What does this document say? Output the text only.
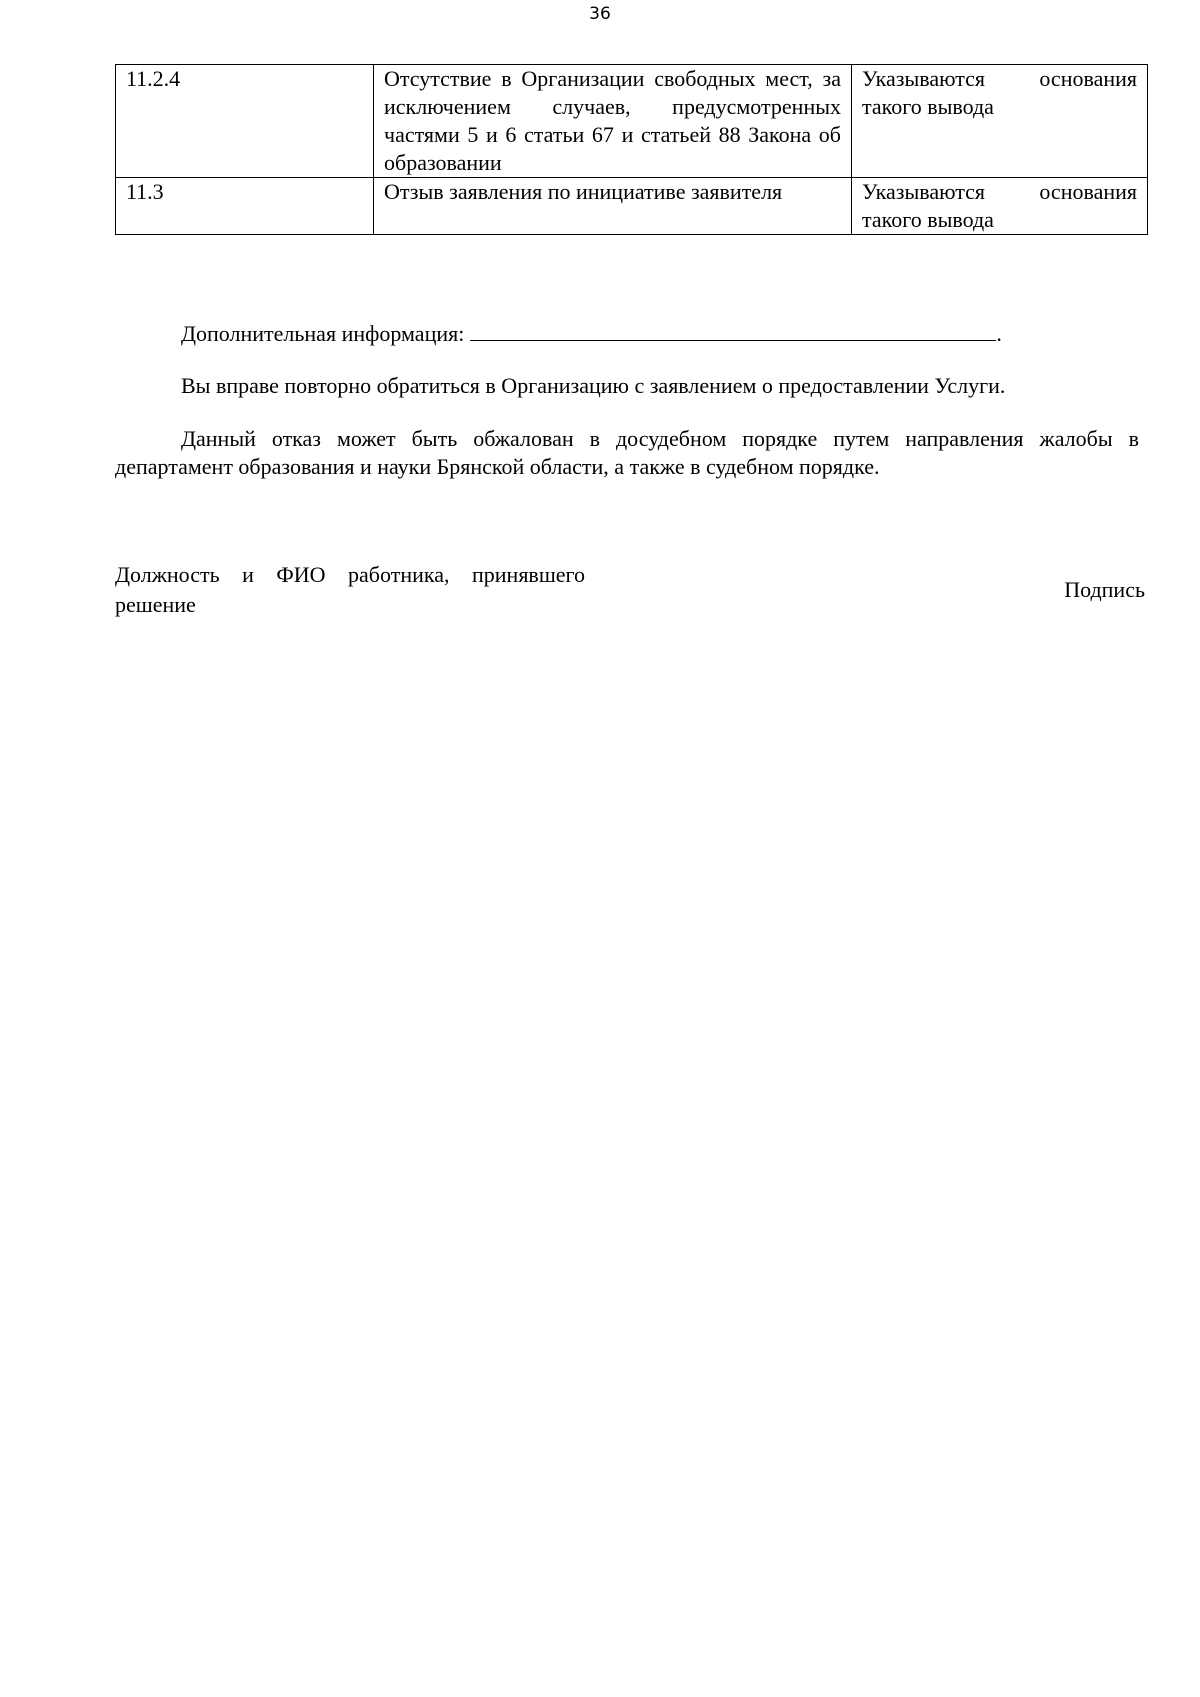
36
11.2.4	Отсутствие в Организации свободных мест, за исключением случаев, предусмотренных частями 5 и 6 статьи 67 и статьей 88 Закона об образовании	Указываются основания такого вывода
11.3	Отзыв заявления по инициативе заявителя	Указываются основания такого вывода

Дополнительная информация:	.

Вы вправе повторно обратиться в Организацию с заявлением о предоставлении Услуги.

Данный отказ может быть обжалован в досудебном порядке путем направления жалобы в департамент образования и науки Брянской области, а также в судебном порядке.

Должность и ФИО работника, принявшего решение
Подпись
